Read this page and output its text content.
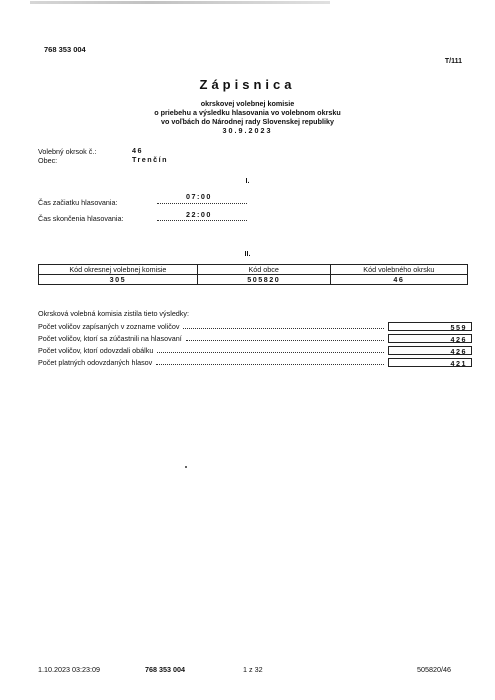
768 353 004
T/111
Zápisnica
okrskovej volebnej komisie
o priebehu a výsledku hlasovania vo volebnom okrsku
vo voľbách do Národnej rady Slovenskej republiky
30.9.2023
Volebný okrsok č.:	46
Obec:	Trenčín
I.
Čas začiatku hlasovania:
07:00
Čas skončenia hlasovania:	22:00
II.
Kód okresnej volebnej komisie	Kód obce	Kód volebného okrsku
305	505820	46
Okrsková volebná komisia zistila tieto výsledky:
Počet voličov zapísaných v zozname voličov	559
Počet voličov, ktorí sa zúčastnili na hlasovaní	426
Počet voličov, ktorí odovzdali obálku	426
Počet platných odovzdaných hlasov	421
1.10.2023 03:23:09	768 353 004	1 z 32	505820/46
